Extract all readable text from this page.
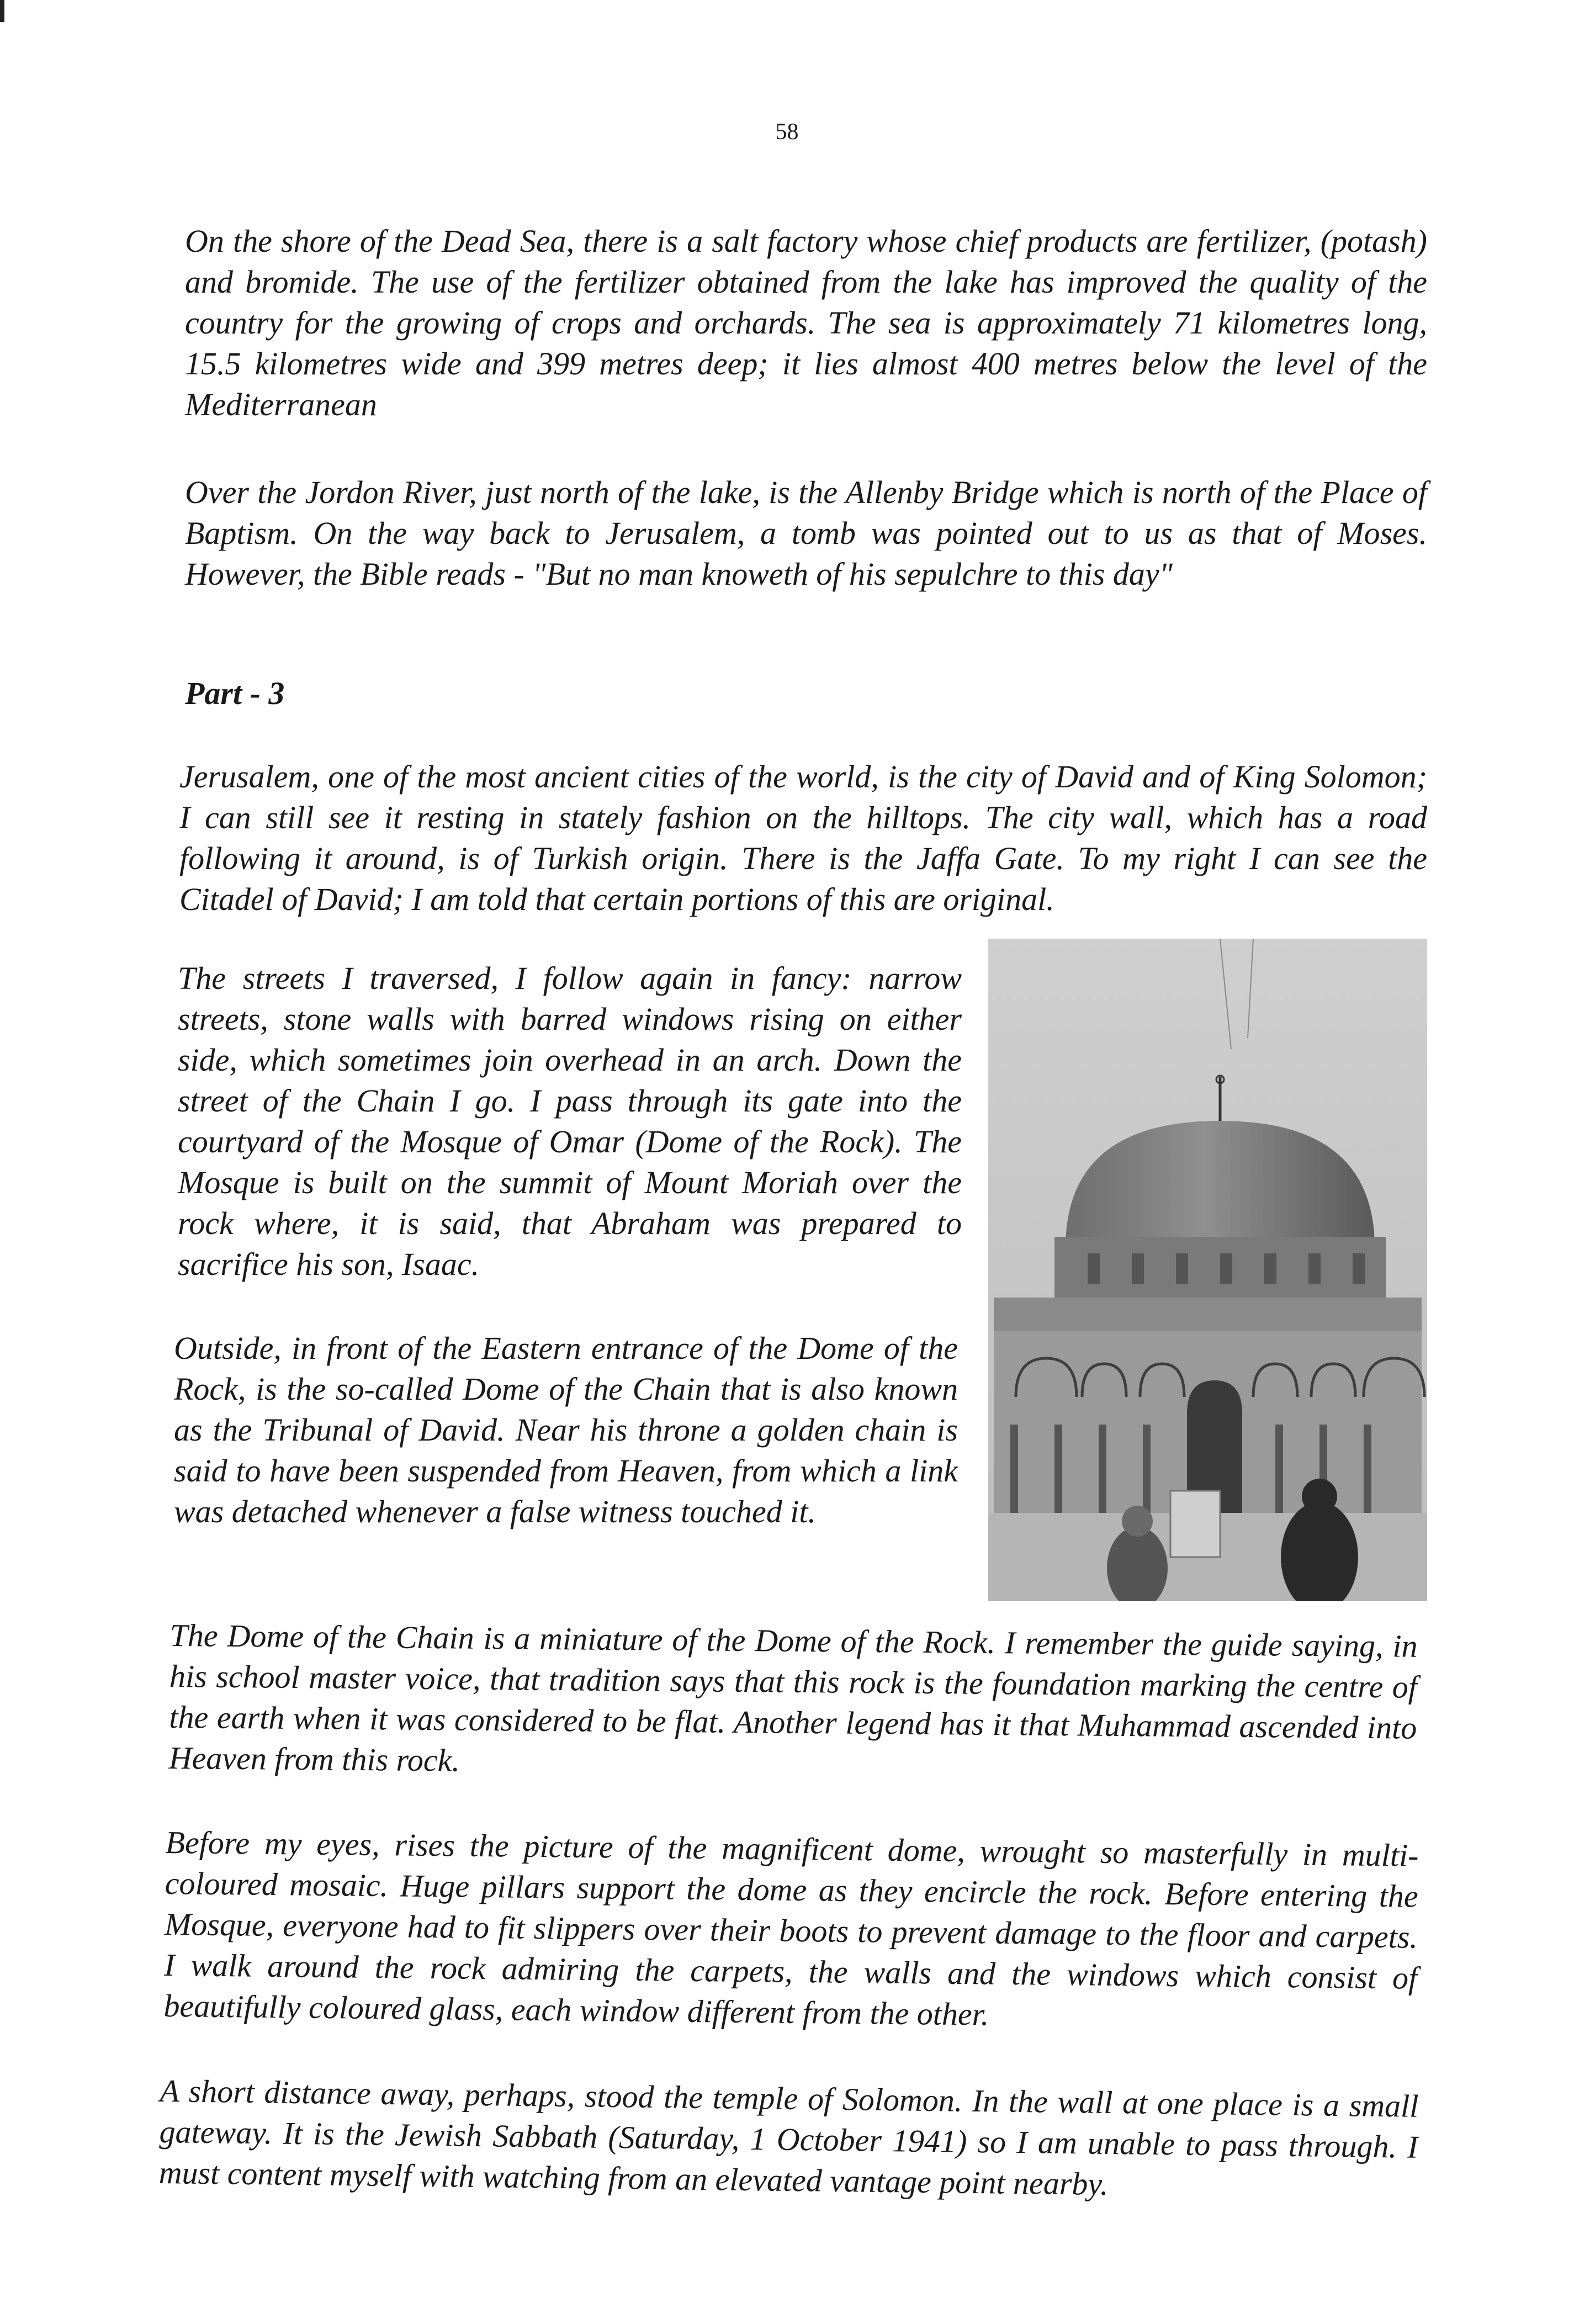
58

On the shore of the Dead Sea, there is a salt factory whose chief products are fertilizer, (potash) and bromide. The use of the fertilizer obtained from the lake has improved the quality of the country for the growing of crops and orchards. The sea is approximately 71 kilometres long, 15.5 kilometres wide and 399 metres deep; it lies almost 400 metres below the level of the Mediterranean

Over the Jordon River, just north of the lake, is the Allenby Bridge which is north of the Place of Baptism. On the way back to Jerusalem, a tomb was pointed out to us as that of Moses. However, the Bible reads - "But no man knoweth of his sepulchre to this day"

Part - 3

Jerusalem, one of the most ancient cities of the world, is the city of David and of King Solomon; I can still see it resting in stately fashion on the hilltops. The city wall, which has a road following it around, is of Turkish origin. There is the Jaffa Gate. To my right I can see the Citadel of David; I am told that certain portions of this are original.

The streets I traversed, I follow again in fancy: narrow streets, stone walls with barred windows rising on either side, which sometimes join overhead in an arch. Down the street of the Chain I go. I pass through its gate into the courtyard of the Mosque of Omar (Dome of the Rock). The Mosque is built on the summit of Mount Moriah over the rock where, it is said, that Abraham was prepared to sacrifice his son, Isaac.

Outside, in front of the Eastern entrance of the Dome of the Rock, is the so-called Dome of the Chain that is also known as the Tribunal of David. Near his throne a golden chain is said to have been suspended from Heaven, from which a link was detached whenever a false witness touched it.

The Dome of the Chain is a miniature of the Dome of the Rock. I remember the guide saying, in his school master voice, that tradition says that this rock is the foundation marking the centre of the earth when it was considered to be flat. Another legend has it that Muhammad ascended into Heaven from this rock.

Before my eyes, rises the picture of the magnificent dome, wrought so masterfully in multi-coloured mosaic. Huge pillars support the dome as they encircle the rock. Before entering the Mosque, everyone had to fit slippers over their boots to prevent damage to the floor and carpets. I walk around the rock admiring the carpets, the walls and the windows which consist of beautifully coloured glass, each window different from the other.

A short distance away, perhaps, stood the temple of Solomon. In the wall at one place is a small gateway. It is the Jewish Sabbath (Saturday, 1 October 1941) so I am unable to pass through. I must content myself with watching from an elevated vantage point nearby.
